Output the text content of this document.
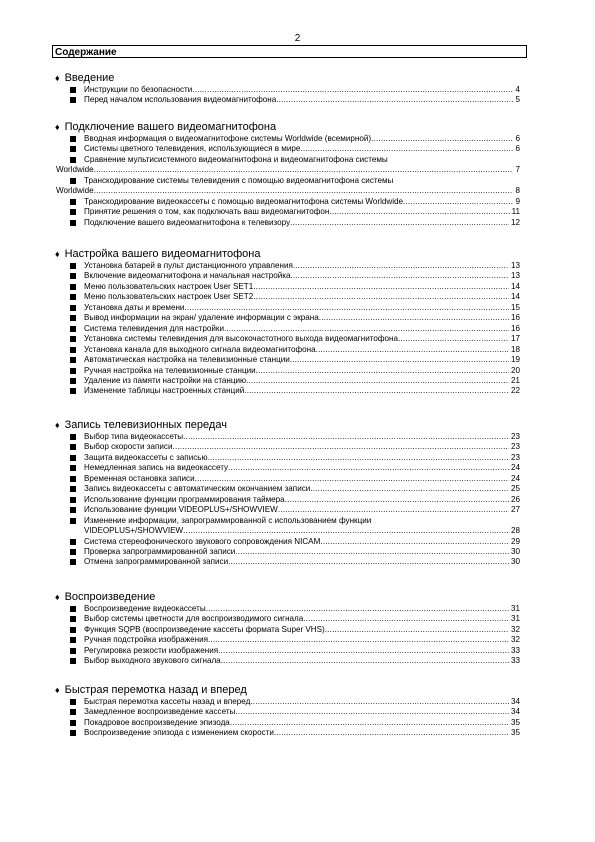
2
Содержание
♦ Введение
Инструкции по безопасности .....	4
Перед началом использования видеомагнитофона .....	5
♦ Подключение вашего видеомагнитофона
Вводная информация о видеомагнитофоне системы Worldwide (всемирной) .....	6
Системы цветного телевидения, использующиеся в мире .....	6
Сравнение мультисистемного видеомагнитофона и видеомагнитофона системы
Worldwide .....	7
Транскодирование системы телевидения с помощью видеомагнитофона системы
Worldwide .....	8
Транскодирование видеокассеты с помощью видеомагнитофона системы Worldwide .....	9
Принятие решения о том, как подключать ваш видеомагнитофон .....	11
Подключение вашего видеомагнитофона к телевизору .....	12
♦ Настройка вашего видеомагнитофона
Установка батарей в пульт дистанционного управления .....	13
Включение видеомагнитофона и начальная настройка .....	13
Меню пользовательских настроек User SET1 .....	14
Меню пользовательских настроек User SET2 .....	14
Установка даты и времени .....	15
Вывод информации на экран/ удаление информации с экрана .....	16
Система телевидения для настройки .....	16
Установка системы телевидения для высокочастотного выхода видеомагнитофона .....	17
Установка канала для выходного сигнала видеомагнитофона .....	18
Автоматическая настройка на телевизионные станции .....	19
Ручная настройка на телевизионные станции .....	20
Удаление из памяти настройки на станцию .....	21
Изменение таблицы настроенных станций .....	22
♦ Запись телевизионных передач
Выбор типа видеокассеты .....	23
Выбор скорости записи .....	23
Защита видеокассеты с записью .....	23
Немедленная запись на видеокассету .....	24
Временная остановка записи .....	24
Запись видеокассеты с автоматическим окончанием записи .....	25
Использование функции программирования таймера .....	26
Использование функции VIDEOPLUS+/SHOWVIEW .....	27
Изменение информации, запрограммированной с использованием функции
VIDEOPLUS+/SHOWVIEW .....	28
Система стереофонического звукового сопровождения NICAM .....	29
Проверка запрограммированной записи .....	30
Отмена запрограммированной записи .....	30
♦ Воспроизведение
Воспроизведение видеокассеты .....	31
Выбор системы цветности для воспроизводимого сигнала .....	31
Функция SQPB (воспроизведение кассеты формата Super VHS) .....	32
Ручная подстройка изображения .....	32
Регулировка резкости изображения .....	33
Выбор выходного звукового сигнала .....	33
♦ Быстрая перемотка назад и вперед
Быстрая перемотка кассеты назад и вперед .....	34
Замедленное воспроизведение кассеты .....	34
Покадровое воспроизведение эпизода .....	35
Воспроизведение эпизода с изменением скорости .....	35
